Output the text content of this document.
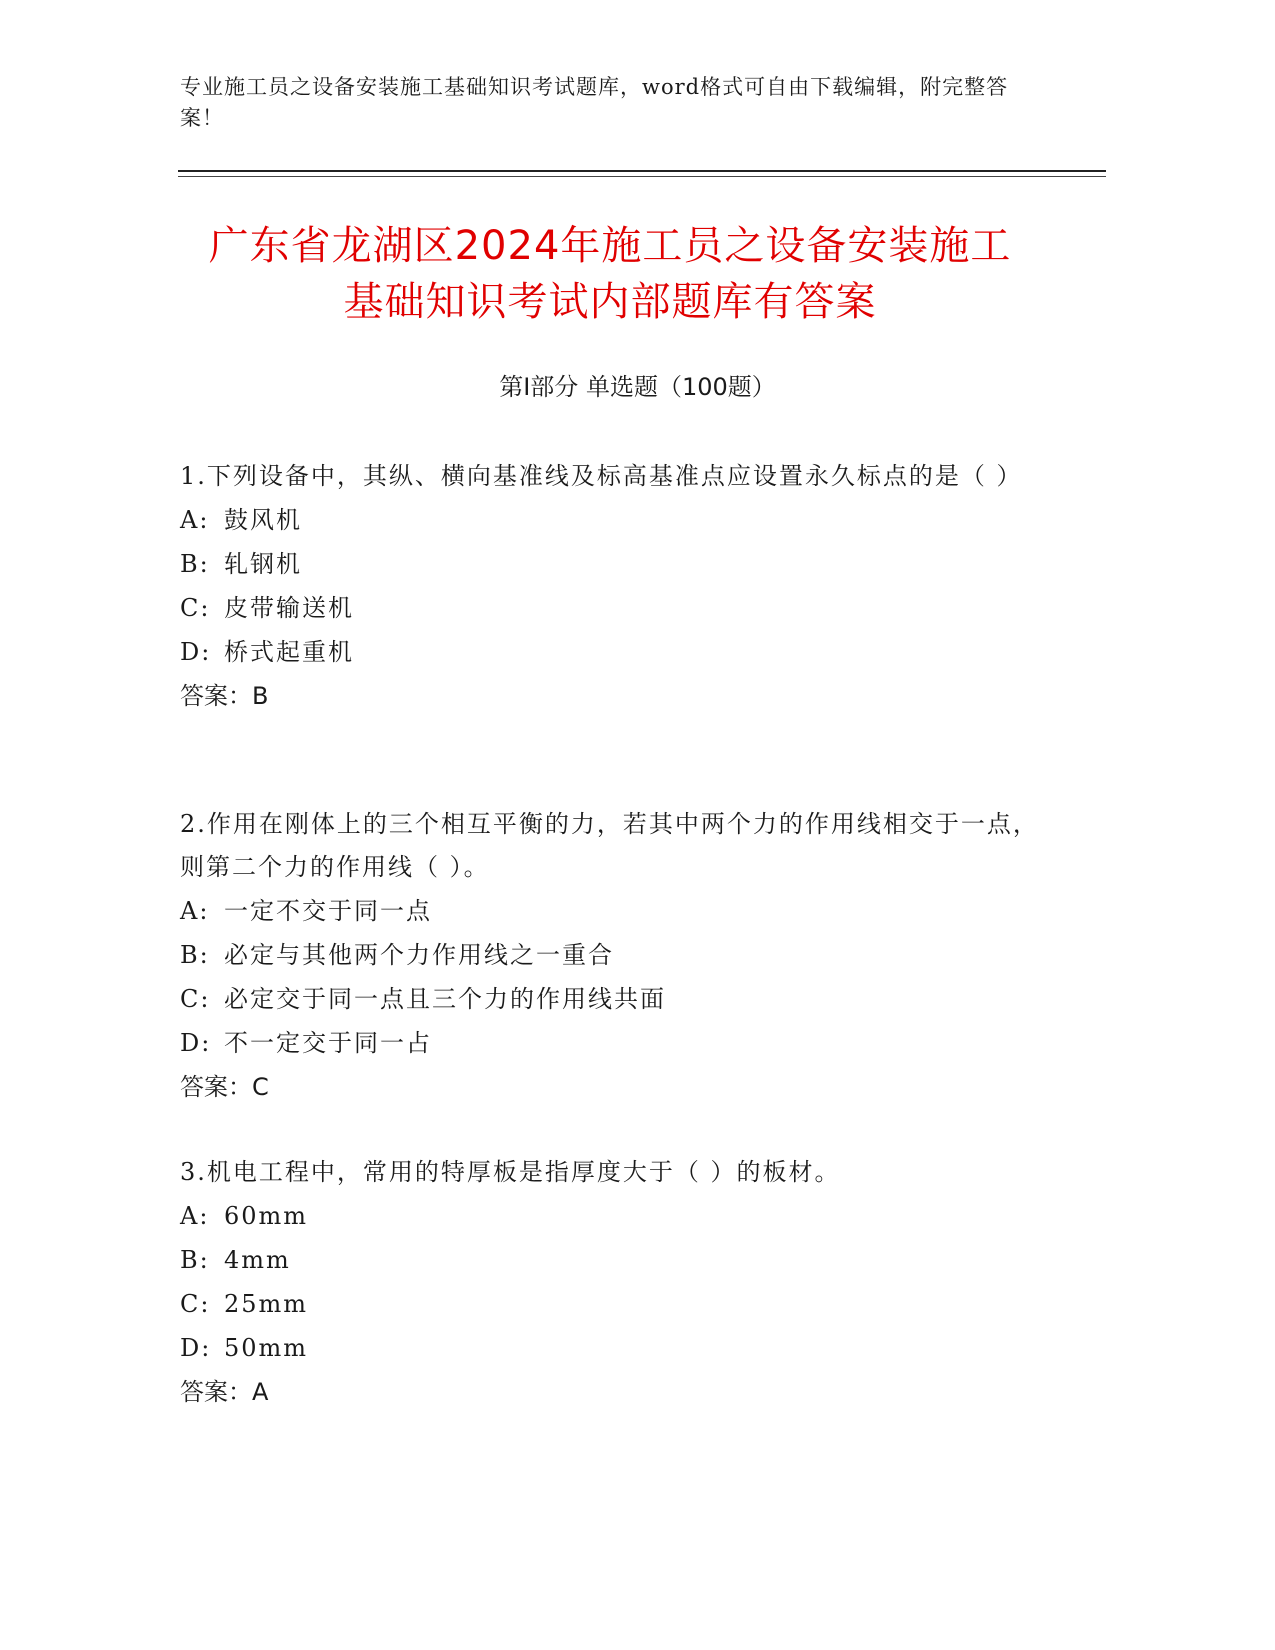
专业施工员之设备安装施工基础知识考试题库，word格式可自由下载编辑，附完整答案！
广东省龙湖区2024年施工员之设备安装施工
基础知识考试内部题库有答案
第Ⅰ部分 单选题（100题）

1.下列设备中，其纵、横向基准线及标高基准点应设置永久标点的是（ ）

A: 鼓风机

B: 轧钢机

C: 皮带输送机

D: 桥式起重机

答案：B

2.作用在刚体上的三个相互平衡的力，若其中两个力的作用线相交于一点，则第二个力的作用线（ ）。

A: 一定不交于同一点

B: 必定与其他两个力作用线之一重合

C: 必定交于同一点且三个力的作用线共面

D: 不一定交于同一占

答案：C

3.机电工程中，常用的特厚板是指厚度大于（ ）的板材。

A: 60mm

B: 4mm

C: 25mm

D: 50mm

答案：A
